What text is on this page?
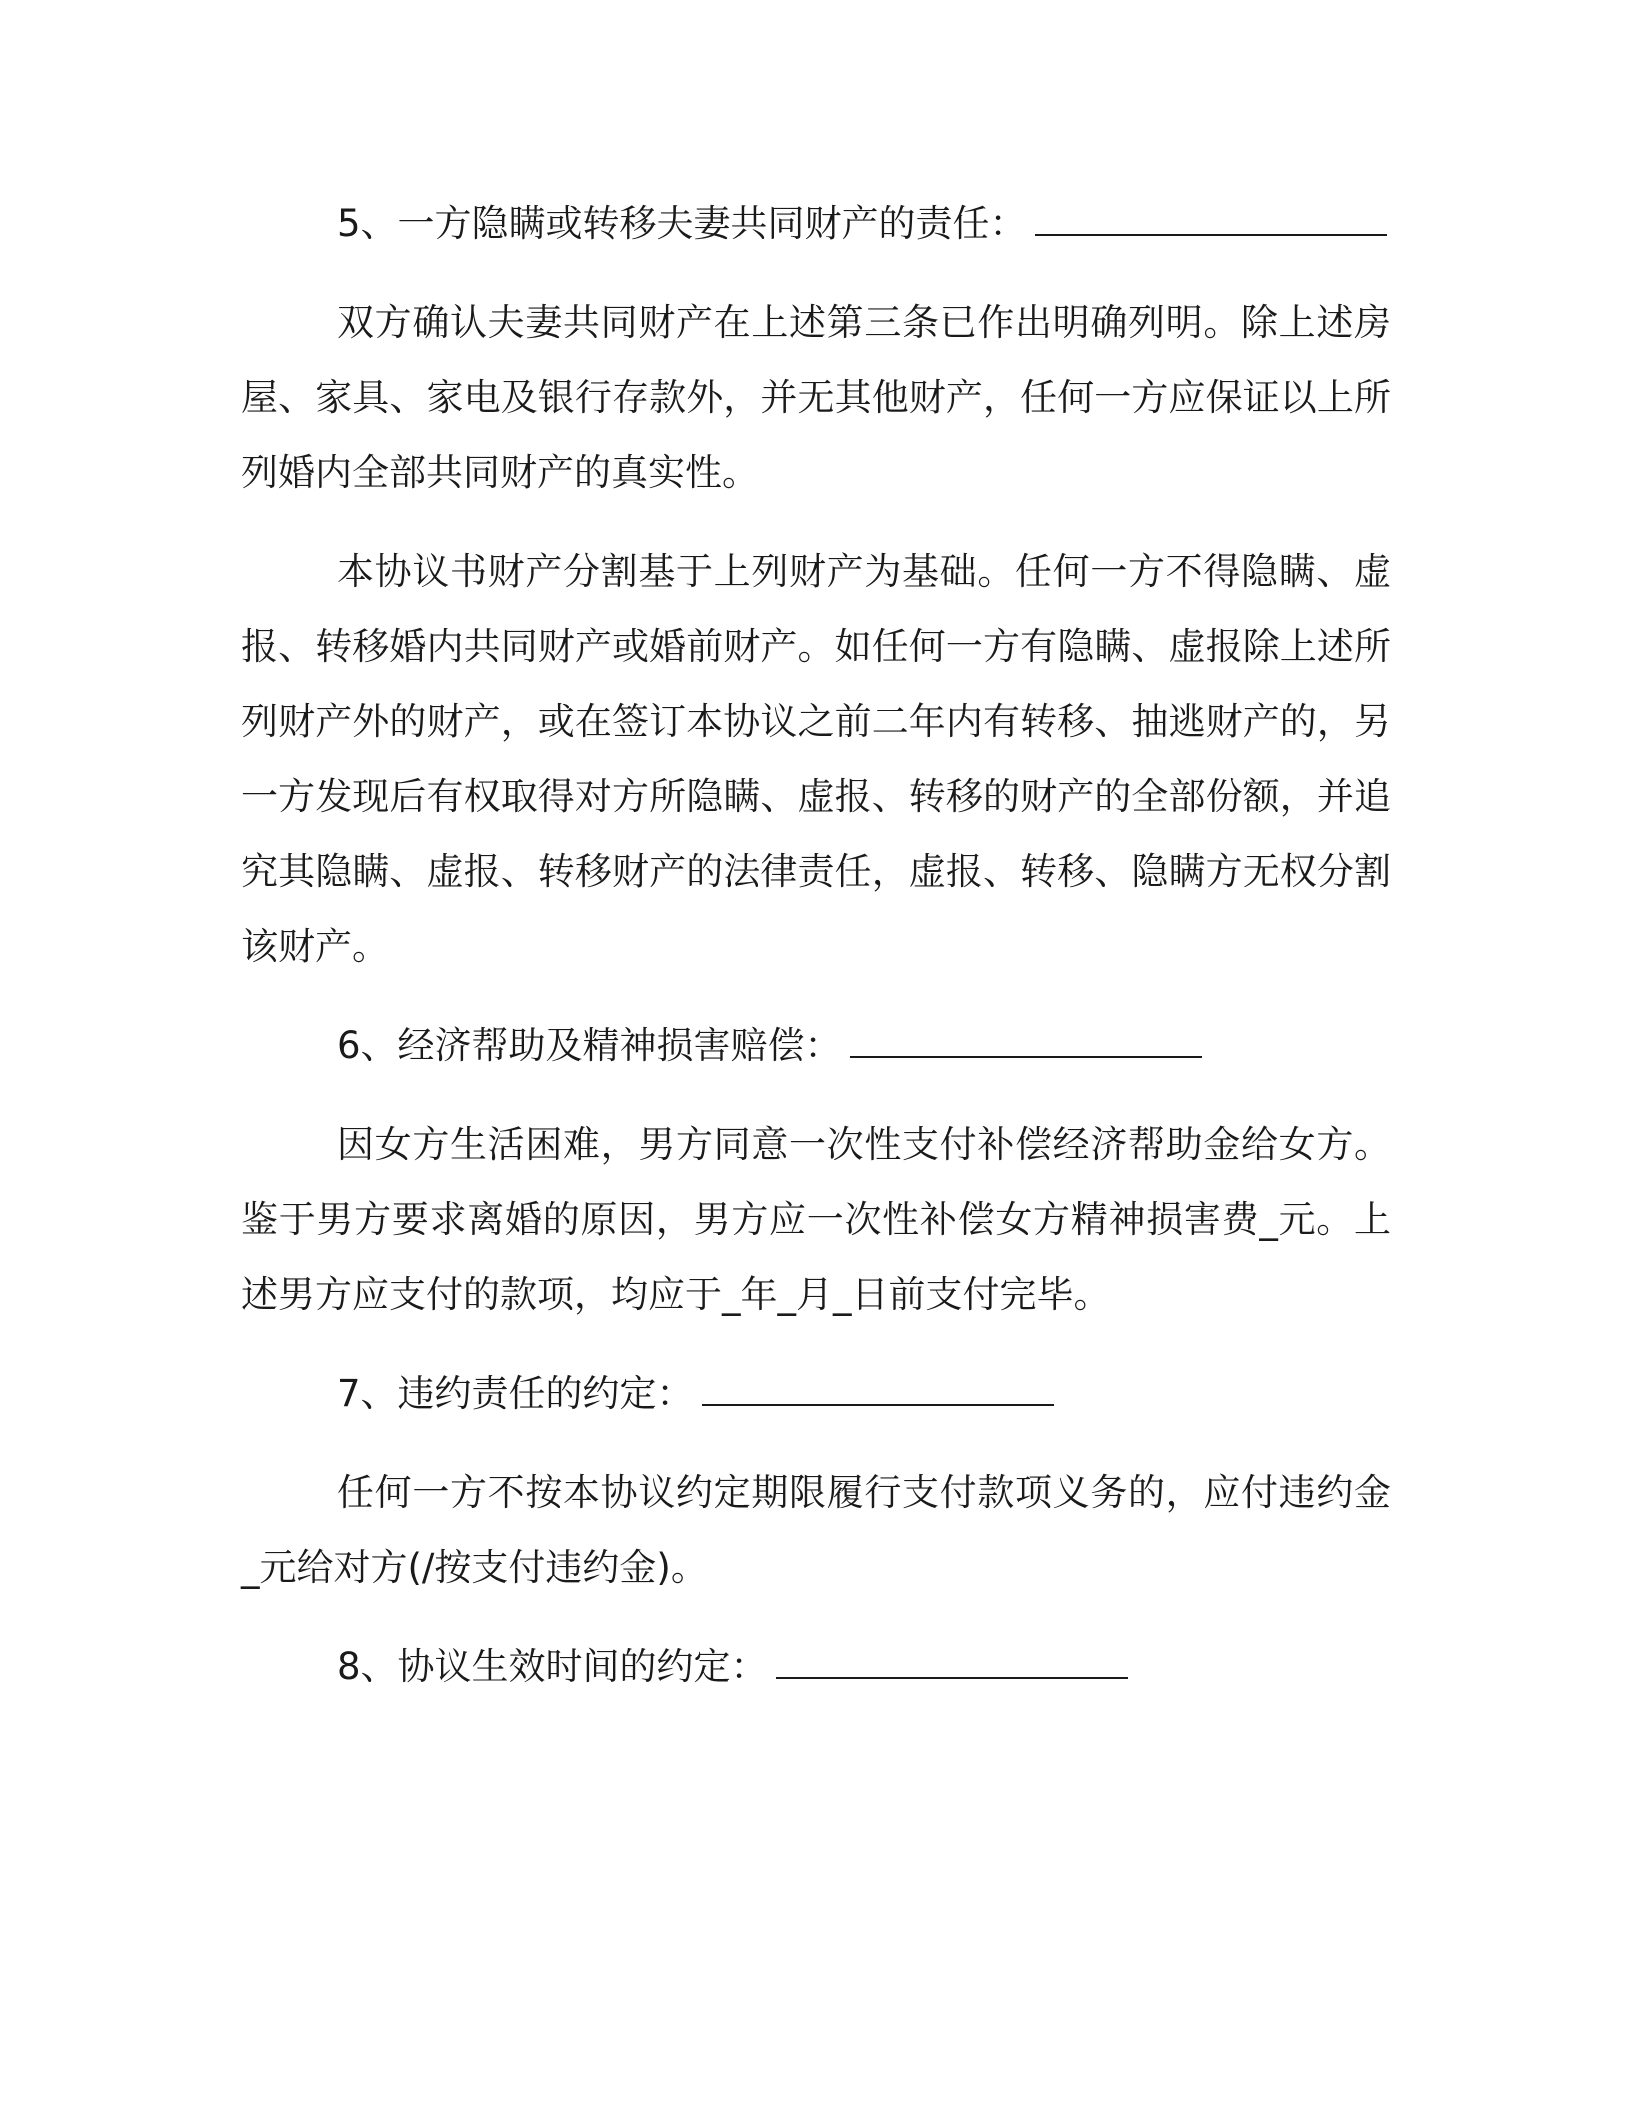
5、一方隐瞒或转移夫妻共同财产的责任：

双方确认夫妻共同财产在上述第三条已作出明确列明。除上述房屋、家具、家电及银行存款外，并无其他财产，任何一方应保证以上所列婚内全部共同财产的真实性。

本协议书财产分割基于上列财产为基础。任何一方不得隐瞒、虚报、转移婚内共同财产或婚前财产。如任何一方有隐瞒、虚报除上述所列财产外的财产，或在签订本协议之前二年内有转移、抽逃财产的，另一方发现后有权取得对方所隐瞒、虚报、转移的财产的全部份额，并追究其隐瞒、虚报、转移财产的法律责任，虚报、转移、隐瞒方无权分割该财产。

6、经济帮助及精神损害赔偿：

因女方生活困难，男方同意一次性支付补偿经济帮助金给女方。鉴于男方要求离婚的原因，男方应一次性补偿女方精神损害费_元。上述男方应支付的款项，均应于_年_月_日前支付完毕。

7、违约责任的约定：

任何一方不按本协议约定期限履行支付款项义务的，应付违约金_元给对方(/按支付违约金)。

8、协议生效时间的约定：
